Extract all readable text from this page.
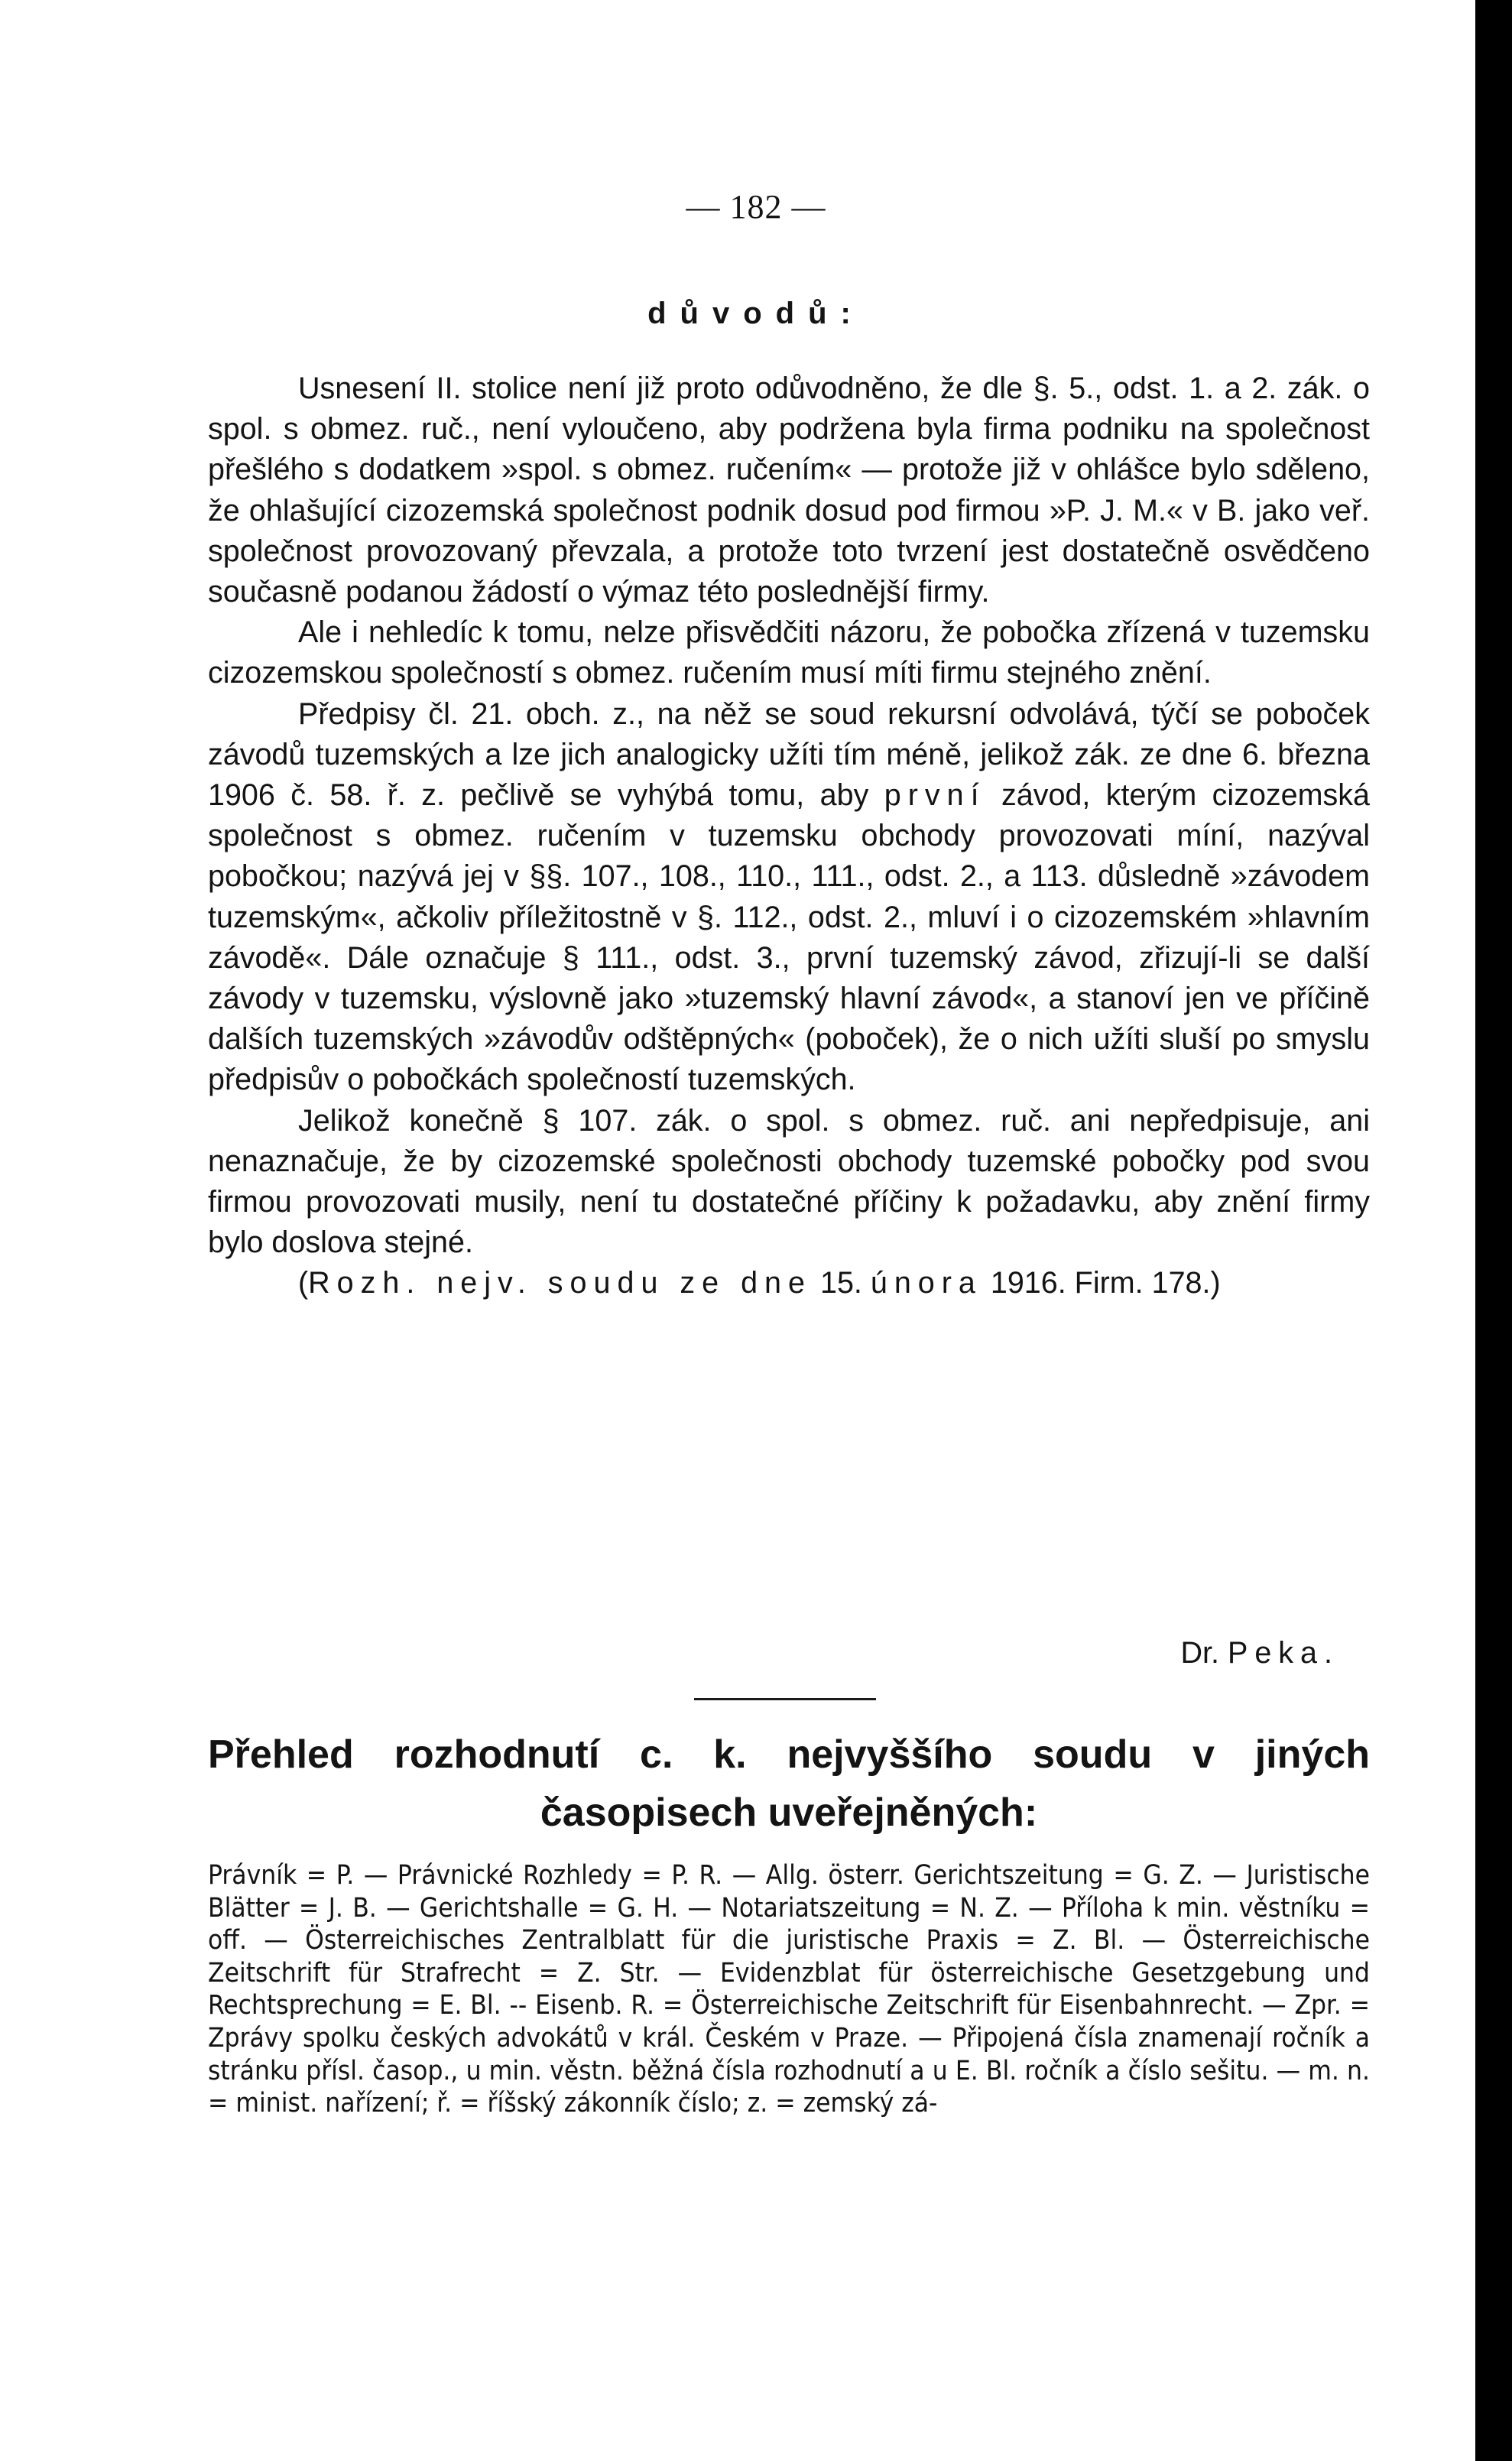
— 182 —
důvodů:

Usnesení II. stolice není již proto odůvodněno, že dle §. 5., odst. 1. a 2. zák. o spol. s obmez. ruč., není vyloučeno, aby podržena byla firma podniku na společnost přešlého s dodatkem »spol. s obmez. ručením« — protože již v ohlášce bylo sděleno, že ohlašující cizozemská společnost podnik dosud pod firmou »P. J. M.« v B. jako veř. společnost provozovaný převzala, a protože toto tvrzení jest dostatečně osvědčeno současně podanou žádostí o výmaz této poslednější firmy.

Ale i nehledíc k tomu, nelze přisvědčiti názoru, že pobočka zřízená v tuzemsku cizozemskou společností s obmez. ručením musí míti firmu stejného znění.

Předpisy čl. 21. obch. z., na něž se soud rekursní odvolává, týčí se poboček závodů tuzemských a lze jich analogicky užíti tím méně, jelikož zák. ze dne 6. března 1906 č. 58. ř. z. pečlivě se vyhýbá tomu, aby první závod, kterým cizozemská společnost s obmez. ručením v tuzemsku obchody provozovati míní, nazýval pobočkou; nazývá jej v §§. 107., 108., 110., 111., odst. 2., a 113. důsledně »závodem tuzemským«, ačkoliv příležitostně v §. 112., odst. 2., mluví i o cizozemském »hlavním závodě«. Dále označuje § 111., odst. 3., první tuzemský závod, zřizují-li se další závody v tuzemsku, výslovně jako »tuzemský hlavní závod«, a stanoví jen ve příčině dalších tuzemských »závodův odštěpných« (poboček), že o nich užíti sluší po smyslu předpisův o pobočkách společností tuzemských.

Jelikož konečně § 107. zák. o spol. s obmez. ruč. ani nepředpisuje, ani nenaznačuje, že by cizozemské společnosti obchody tuzemské pobočky pod svou firmou provozovati musily, není tu dostatečné příčiny k požadavku, aby znění firmy bylo doslova stejné.

(Rozh. nejv. soudu ze dne 15. února 1916. Firm. 178.)

Dr. Peka.
Přehled rozhodnutí c. k. nejvyššího soudu v jiných
časopisech uveřejněných:

Právník = P. — Právnické Rozhledy = P. R. — Allg. österr. Gerichtszeitung = G. Z. — Juristische Blätter = J. B. — Gerichtshalle = G. H. — Notariatszeitung = N. Z. — Příloha k min. věstníku = off. — Österreichisches Zentralblatt für die juristische Praxis = Z. Bl. — Österreichische Zeitschrift für Strafrecht = Z. Str. — Evidenzblat für österreichische Gesetzgebung und Rechtsprechung = E. Bl. -- Eisenb. R. = Österreichische Zeitschrift für Eisenbahnrecht. — Zpr. = Zprávy spolku českých advokátů v král. Českém v Praze. — Připojená čísla znamenají ročník a stránku přísl. časop., u min. věstn. běžná čísla rozhodnutí a u E. Bl. ročník a číslo sešitu. — m. n. = minist. nařízení; ř. = říšský zákonník číslo; z. = zemský zá-
